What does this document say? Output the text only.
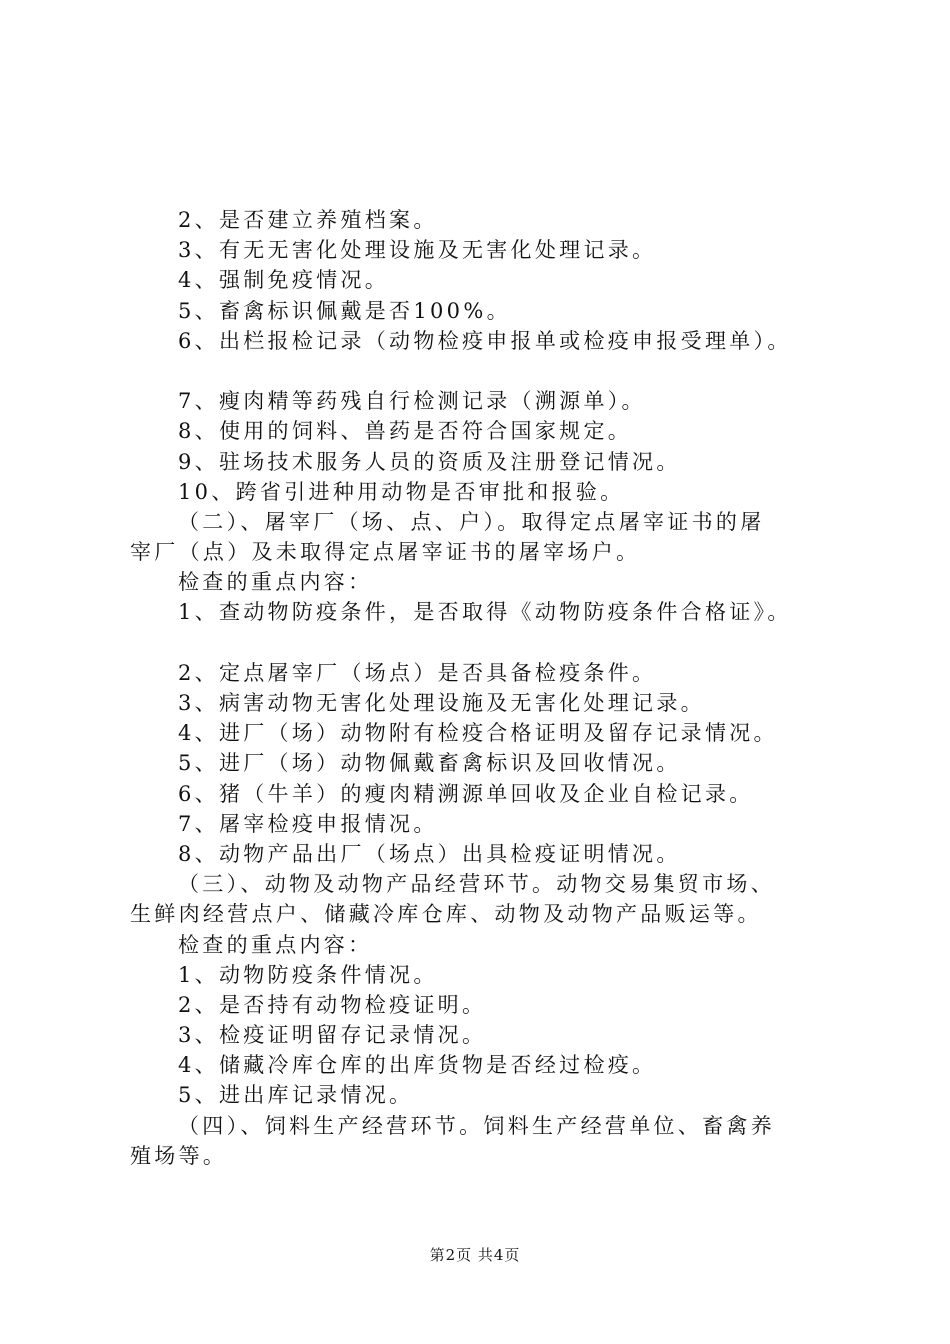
2、是否建立养殖档案。
3、有无无害化处理设施及无害化处理记录。
4、强制免疫情况。
5、畜禽标识佩戴是否100%。
6、出栏报检记录（动物检疫申报单或检疫申报受理单）。
7、瘦肉精等药残自行检测记录（溯源单）。
8、使用的饲料、兽药是否符合国家规定。
9、驻场技术服务人员的资质及注册登记情况。
10、跨省引进种用动物是否审批和报验。
（二）、屠宰厂（场、点、户）。取得定点屠宰证书的屠
宰厂（点）及未取得定点屠宰证书的屠宰场户。
检查的重点内容：
1、查动物防疫条件，是否取得《动物防疫条件合格证》。
2、定点屠宰厂（场点）是否具备检疫条件。
3、病害动物无害化处理设施及无害化处理记录。
4、进厂（场）动物附有检疫合格证明及留存记录情况。
5、进厂（场）动物佩戴畜禽标识及回收情况。
6、猪（牛羊）的瘦肉精溯源单回收及企业自检记录。
7、屠宰检疫申报情况。
8、动物产品出厂（场点）出具检疫证明情况。
（三）、动物及动物产品经营环节。动物交易集贸市场、
生鲜肉经营点户、储藏冷库仓库、动物及动物产品贩运等。
检查的重点内容：
1、动物防疫条件情况。
2、是否持有动物检疫证明。
3、检疫证明留存记录情况。
4、储藏冷库仓库的出库货物是否经过检疫。
5、进出库记录情况。
（四）、饲料生产经营环节。饲料生产经营单位、畜禽养
殖场等。
第2页 共4页
